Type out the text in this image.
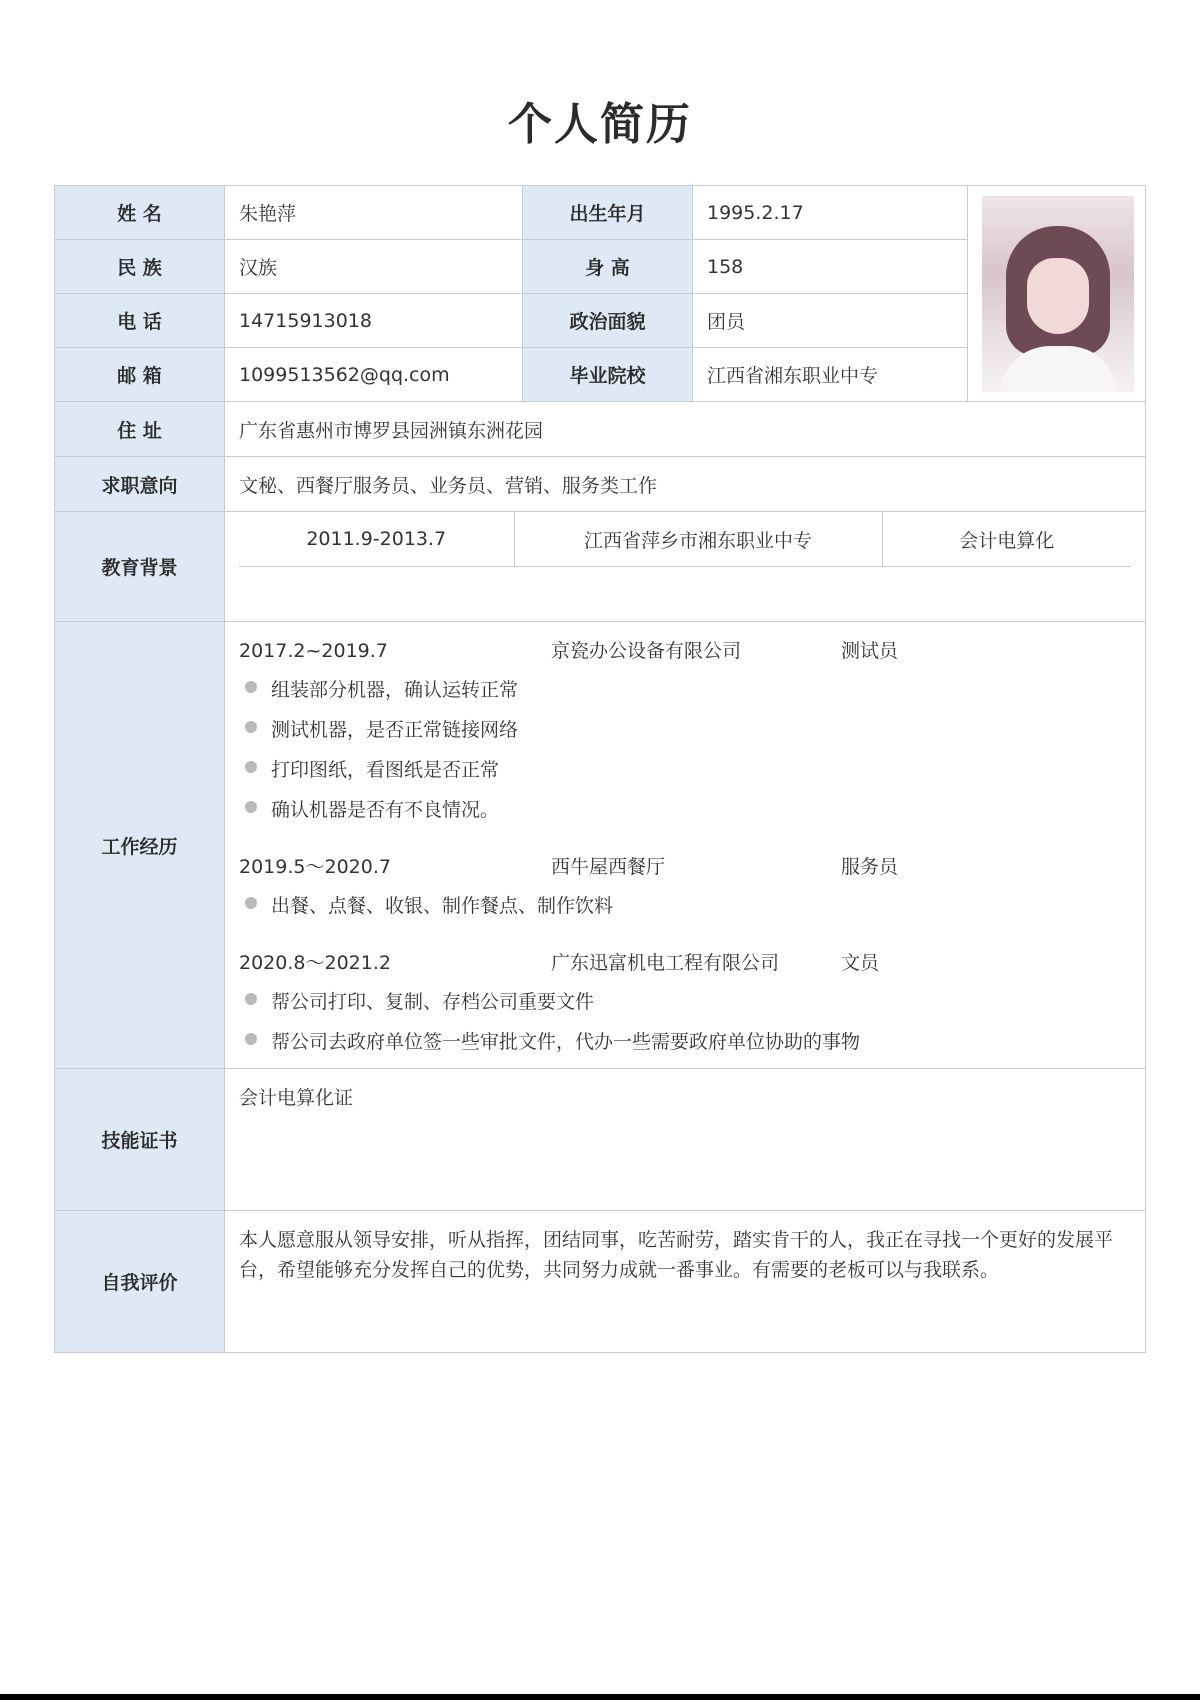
个人简历
姓 名	朱艳萍	出生年月	1995.2.17	

民 族	汉族	身 高	158
电 话	14715913018	政治面貌	团员
邮 箱	1099513562@qq.com	毕业院校	江西省湘东职业中专
住 址	广东省惠州市博罗县园洲镇东洲花园
求职意向	文秘、西餐厅服务员、业务员、营销、服务类工作
教育背景	
2011.9-2013.7	江西省萍乡市湘东职业中专	会计电算化

工作经历	
2017.2~2019.7	京瓷办公设备有限公司	测试员
组装部分机器，确认运转正常
测试机器，是否正常链接网络
打印图纸，看图纸是否正常
确认机器是否有不良情况。
2019.5～2020.7	西牛屋西餐厅	服务员
出餐、点餐、收银、制作餐点、制作饮料
2020.8～2021.2	广东迅富机电工程有限公司	文员
帮公司打印、复制、存档公司重要文件
帮公司去政府单位签一些审批文件，代办一些需要政府单位协助的事物

技能证书	会计电算化证
自我评价	本人愿意服从领导安排，听从指挥，团结同事，吃苦耐劳，踏实肯干的人，我正在寻找一个更好的发展平台，希望能够充分发挥自己的优势，共同努力成就一番事业。有需要的老板可以与我联系。
